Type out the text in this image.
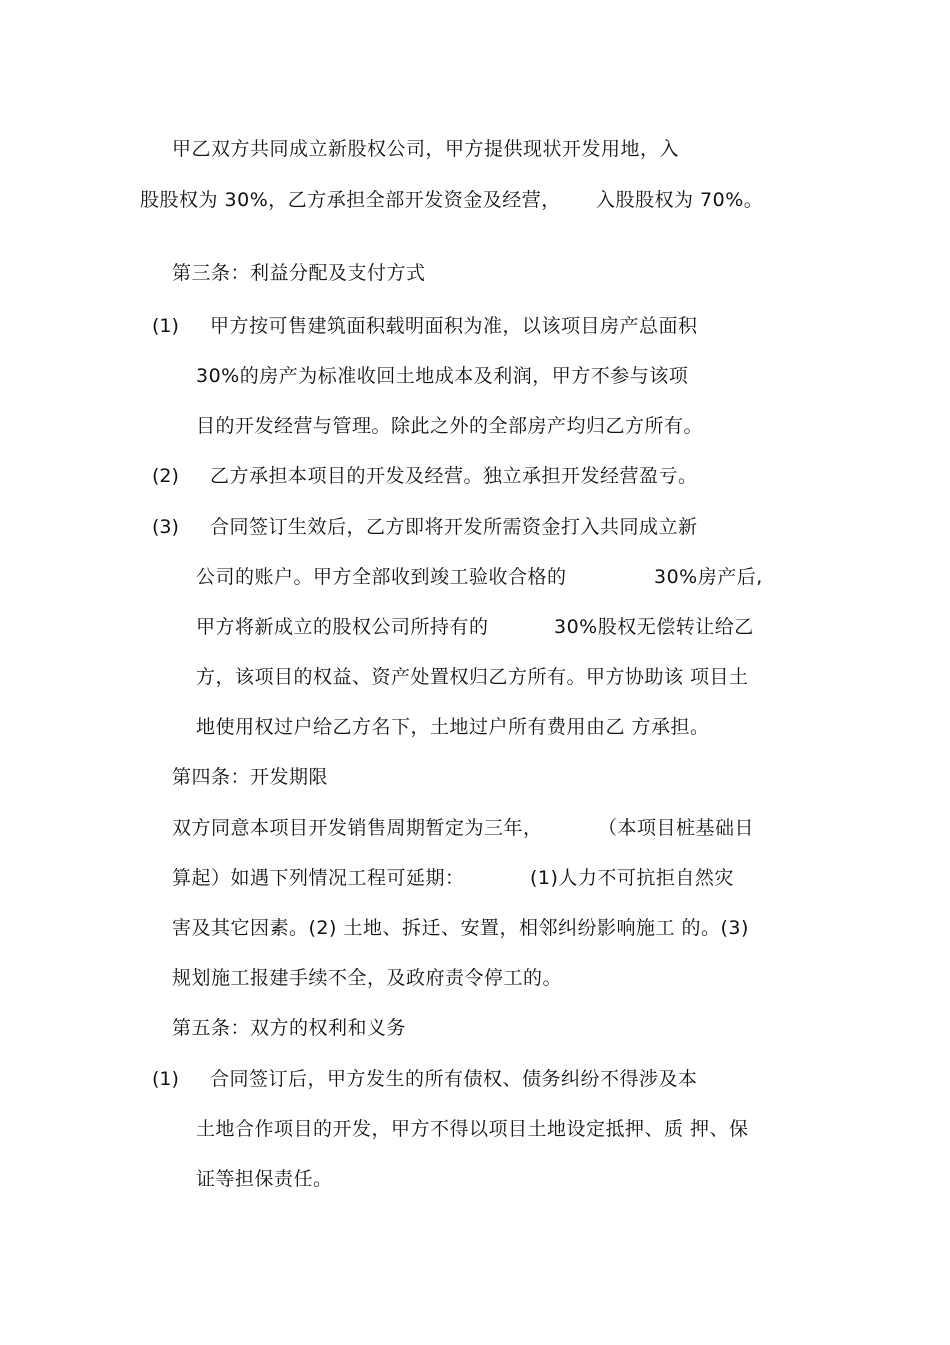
甲乙双方共同成立新股权公司，甲方提供现状开发用地，入
股股权为 30%，乙方承担全部开发资金及经营， 入股股权为 70%。
第三条：利益分配及支付方式
(1) 甲方按可售建筑面积载明面积为准，以该项目房产总面积
30%的房产为标准收回土地成本及利润，甲方不参与该项
目的开发经营与管理。除此之外的全部房产均归乙方所有。
(2) 乙方承担本项目的开发及经营。独立承担开发经营盈亏。
(3) 合同签订生效后，乙方即将开发所需资金打入共同成立新
公司的账户。甲方全部收到竣工验收合格的	30%房产后,
甲方将新成立的股权公司所持有的	30%股权无偿转让给乙
方，该项目的权益、资产处置权归乙方所有。甲方协助该 项目土
地使用权过户给乙方名下，土地过户所有费用由乙 方承担。
第四条：开发期限
双方同意本项目开发销售周期暂定为三年，	（本项目桩基础日
算起）如遇下列情况工程可延期：	(1)人力不可抗拒自然灾
害及其它因素。(2) 土地、拆迁、安置，相邻纠纷影响施工 的。(3)
规划施工报建手续不全，及政府责令停工的。
第五条：双方的权利和义务
(1) 合同签订后，甲方发生的所有债权、债务纠纷不得涉及本
土地合作项目的开发，甲方不得以项目土地设定抵押、质 押、保
证等担保责任。
